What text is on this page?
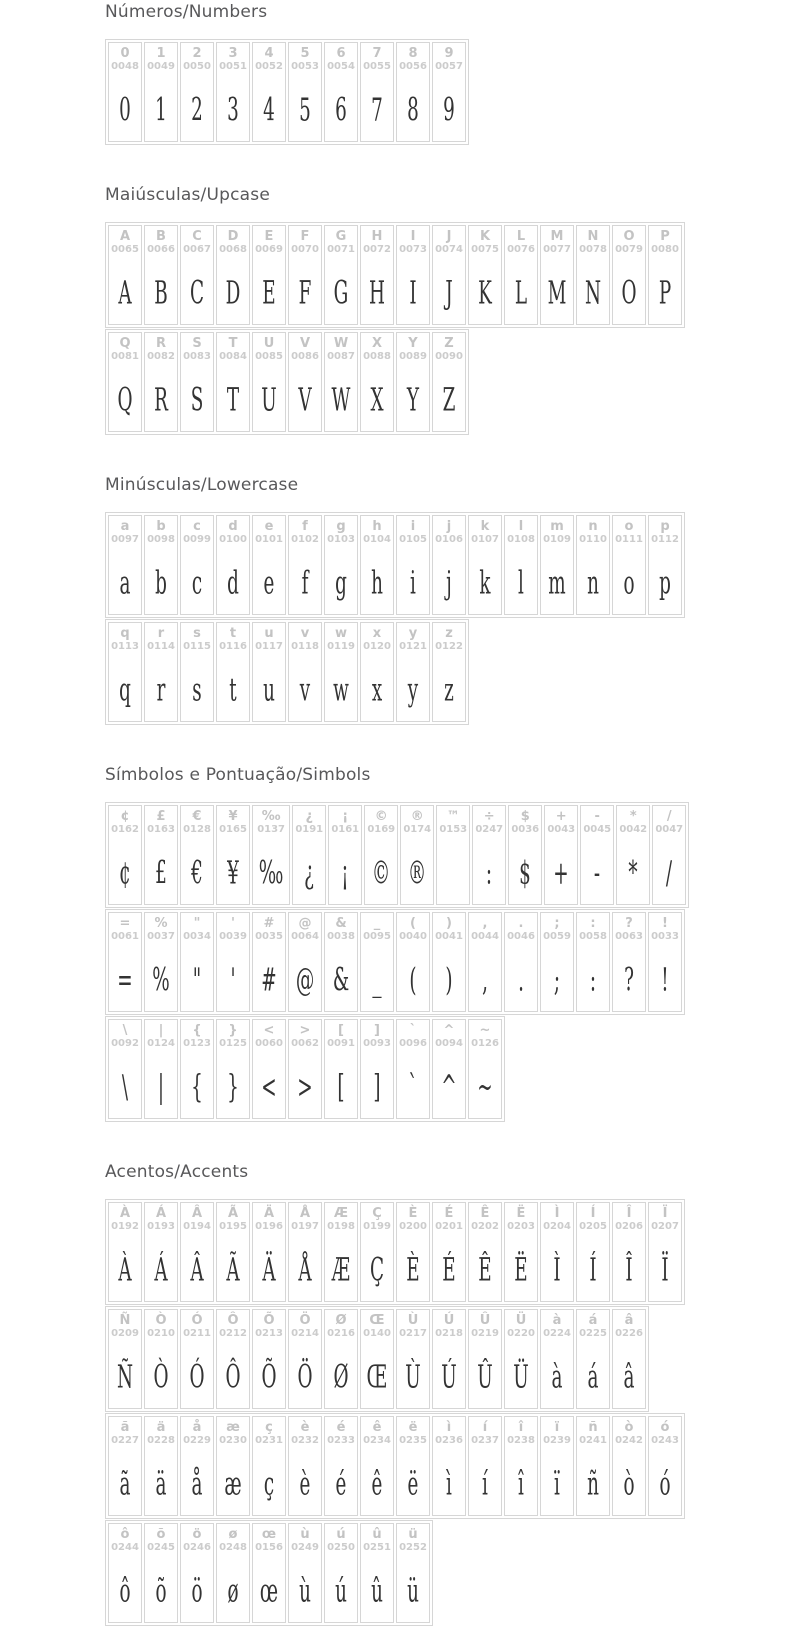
Números/Numbers
0
0048
0

1
0049
1

2
0050
2

3
0051
3

4
0052
4

5
0053
5

6
0054
6

7
0055
7

8
0056
8

9
0057
9
Maiúsculas/Upcase
A
0065
A

B
0066
B

C
0067
C

D
0068
D

E
0069
E

F
0070
F

G
0071
G

H
0072
H

I
0073
I

J
0074
J

K
0075
K

L
0076
L

M
0077
M

N
0078
N

O
0079
O

P
0080
P
Q
0081
Q

R
0082
R

S
0083
S

T
0084
T

U
0085
U

V
0086
V

W
0087
W

X
0088
X

Y
0089
Y

Z
0090
Z
Minúsculas/Lowercase
a
0097
a

b
0098
b

c
0099
c

d
0100
d

e
0101
e

f
0102
f

g
0103
g

h
0104
h

i
0105
i

j
0106
j

k
0107
k

l
0108
l

m
0109
m

n
0110
n

o
0111
o

p
0112
p
q
0113
q

r
0114
r

s
0115
s

t
0116
t

u
0117
u

v
0118
v

w
0119
w

x
0120
x

y
0121
y

z
0122
z
Símbolos e Pontuação/Simbols
¢
0162
¢

£
0163
£

€
0128
€

¥
0165
¥

‰
0137
‰

¿
0191
¿

¡
0161
¡

©
0169
©

®
0174
®

™
0153

÷
0247
:

$
0036
$

+
0043
+

-
0045
-

*
0042
*

/
0047
/
=
0061
=

%
0037
%

"
0034
"

'
0039
'

#
0035
#

@
0064
@

&
0038
&

_
0095
_

(
0040
(

)
0041
)

,
0044
,

.
0046
.

;
0059
;

:
0058
:

?
0063
?

!
0033
!
\
0092
\

|
0124
|

{
0123
{

}
0125
}

<
0060
<

>
0062
>

[
0091
[

]
0093
]

`
0096
`

^
0094
^

~
0126
~
Acentos/Accents
À
0192
À

Á
0193
Á

Â
0194
Â

Ã
0195
Ã

Ä
0196
Ä

Å
0197
Å

Æ
0198
Æ

Ç
0199
Ç

È
0200
È

É
0201
É

Ê
0202
Ê

Ë
0203
Ë

Ì
0204
Ì

Í
0205
Í

Î
0206
Î

Ï
0207
Ï
Ñ
0209
Ñ

Ò
0210
Ò

Ó
0211
Ó

Ô
0212
Ô

Õ
0213
Õ

Ö
0214
Ö

Ø
0216
Ø

Œ
0140
Œ

Ù
0217
Ù

Ú
0218
Ú

Û
0219
Û

Ü
0220
Ü

à
0224
à

á
0225
á

â
0226
â
ã
0227
ã

ä
0228
ä

å
0229
å

æ
0230
æ

ç
0231
ç

è
0232
è

é
0233
é

ê
0234
ê

ë
0235
ë

ì
0236
ì

í
0237
í

î
0238
î

ï
0239
ï

ñ
0241
ñ

ò
0242
ò

ó
0243
ó
ô
0244
ô

õ
0245
õ

ö
0246
ö

ø
0248
ø

œ
0156
œ

ù
0249
ù

ú
0250
ú

û
0251
û

ü
0252
ü
